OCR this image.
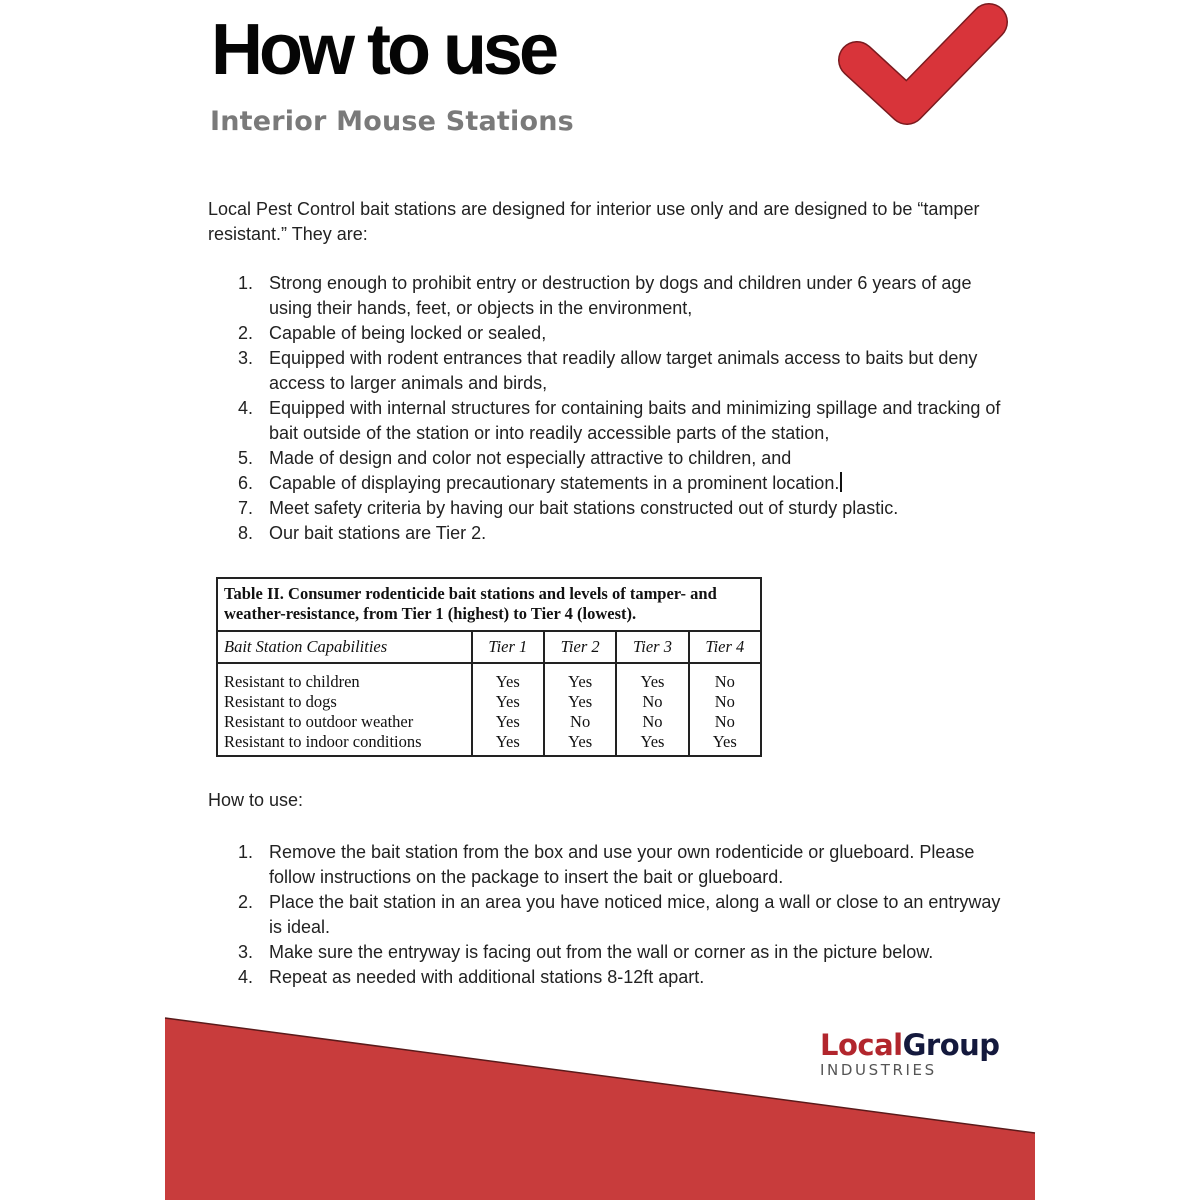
How to use
Interior Mouse Stations

Local Pest Control bait stations are designed for interior use only and are designed to be “tamper resistant.” They are:

1. Strong enough to prohibit entry or destruction by dogs and children under 6 years of age using their hands, feet, or objects in the environment,
2. Capable of being locked or sealed,
3. Equipped with rodent entrances that readily allow target animals access to baits but deny access to larger animals and birds,
4. Equipped with internal structures for containing baits and minimizing spillage and tracking of bait outside of the station or into readily accessible parts of the station,
5. Made of design and color not especially attractive to children, and
6. Capable of displaying precautionary statements in a prominent location.
7. Meet safety criteria by having our bait stations constructed out of sturdy plastic.
8. Our bait stations are Tier 2.
Table II. Consumer rodenticide bait stations and levels of tamper- and weather-resistance, from Tier 1 (highest) to Tier 4 (lowest).				
Bait Station Capabilities	Tier 1	Tier 2	Tier 3	Tier 4
Resistant to children	Yes	Yes	Yes	No
Resistant to dogs	Yes	Yes	No	No
Resistant to outdoor weather	Yes	No	No	No
Resistant to indoor conditions	Yes	Yes	Yes	Yes

How to use:

1. Remove the bait station from the box and use your own rodenticide or glueboard. Please follow instructions on the package to insert the bait or glueboard.
2. Place the bait station in an area you have noticed mice, along a wall or close to an entryway is ideal.
3. Make sure the entryway is facing out from the wall or corner as in the picture below.
4. Repeat as needed with additional stations 8-12ft apart.
LocalGroup
INDUSTRIES
